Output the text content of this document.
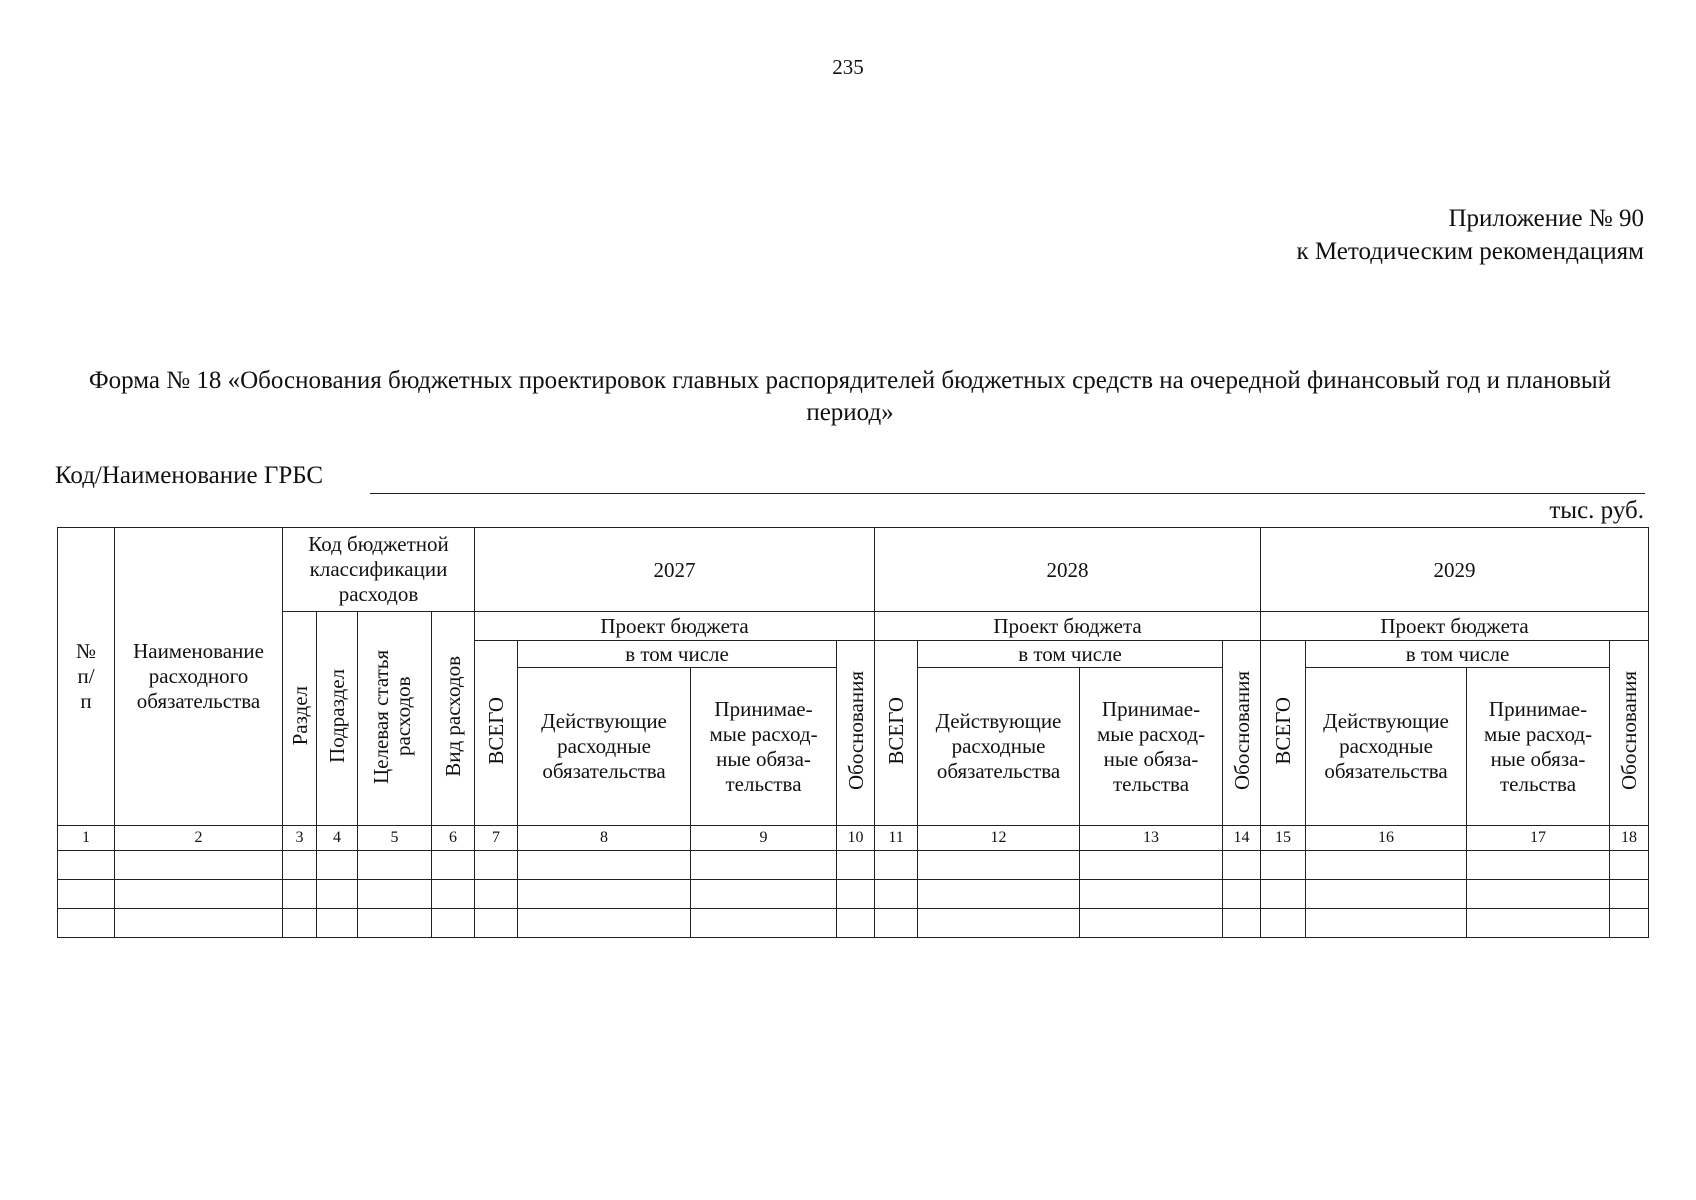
235
Приложение № 90
к Методическим рекомендациям
Форма № 18 «Обоснования бюджетных проектировок главных распорядителей бюджетных средств на очередной финансовый год и плановый период»
Код/Наименование ГРБС
тыс. руб.
№ п/п	Наименование расходного обязательства	Код бюджетной классификации расходов				2027				2028				2029			
		Раздел	Подраздел	Целевая статья расходов	Вид расходов	Проект бюджета				Проект бюджета				Проект бюджета			
						ВСЕГО	в том числе		Обоснования	ВСЕГО	в том числе		Обоснования	ВСЕГО	в том числе		Обоснования

							Действующие расходные обязательства	Принимае-мые расход-ные обяза-тельства			Действующие расходные обязательства	Принимае-мые расход-ные обяза-тельства			Действующие расходные обязательства	Принимае-мые расход-ные обяза-тельства	

1	2	3	4	5	6	7	8	9	10	11	12	13	14	15	16	17	18
